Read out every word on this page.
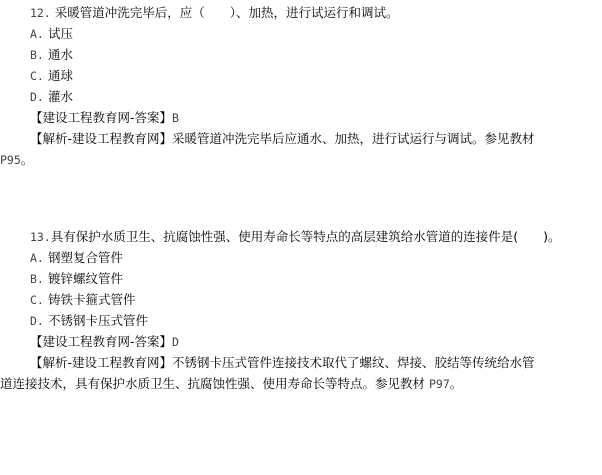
12. 采暖管道冲洗完毕后，应（　　）、加热，进行试运行和调试。
A. 试压
B. 通水
C. 通球
D. 灌水
【建设工程教育网-答案】B
【解析-建设工程教育网】采暖管道冲洗完毕后应通水、加热，进行试运行与调试。参见教材
P95。
13.具有保护水质卫生、抗腐蚀性强、使用寿命长等特点的高层建筑给水管道的连接件是(　　)。
A. 钢塑复合管件
B. 镀锌螺纹管件
C. 铸铁卡箍式管件
D. 不锈钢卡压式管件
【建设工程教育网-答案】D
【解析-建设工程教育网】不锈钢卡压式管件连接技术取代了螺纹、焊接、胶结等传统给水管
道连接技术，具有保护水质卫生、抗腐蚀性强、使用寿命长等特点。参见教材 P97。
